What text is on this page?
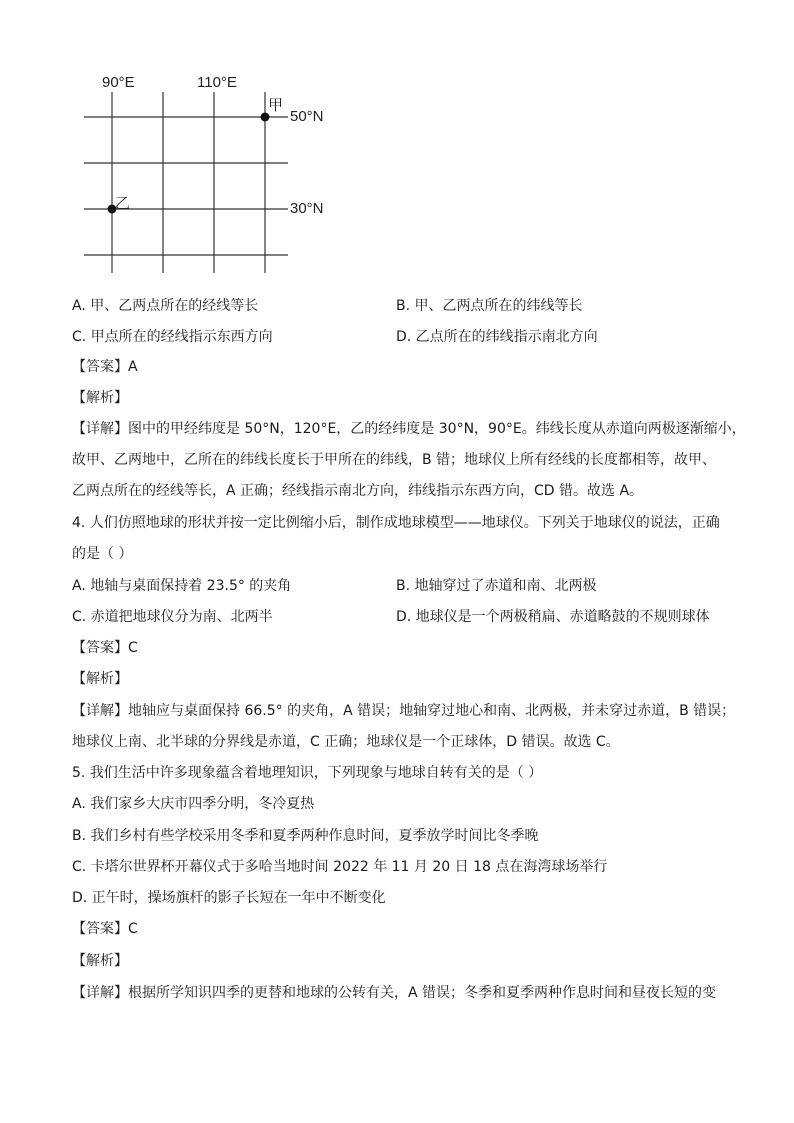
90°E	110°E
甲
50°N
乙	30°N
A. 甲、乙两点所在的经线等长	B. 甲、乙两点所在的纬线等长
C. 甲点所在的经线指示东西方向	D. 乙点所在的纬线指示南北方向
【答案】A
【解析】
【详解】图中的甲经纬度是 50°N，120°E，乙的经纬度是 30°N，90°E。纬线长度从赤道向两极逐渐缩小，
故甲、乙两地中，乙所在的纬线长度长于甲所在的纬线，B 错；地球仪上所有经线的长度都相等，故甲、
乙两点所在的经线等长，A 正确；经线指示南北方向，纬线指示东西方向，CD 错。故选 A。
4. 人们仿照地球的形状并按一定比例缩小后，制作成地球模型——地球仪。下列关于地球仪的说法，正确
的是（ ）
A. 地轴与桌面保持着 23.5° 的夹角	B. 地轴穿过了赤道和南、北两极
C. 赤道把地球仪分为南、北两半	D. 地球仪是一个两极稍扁、赤道略鼓的不规则球体
【答案】C
【解析】
【详解】地轴应与桌面保持 66.5° 的夹角，A 错误；地轴穿过地心和南、北两极，并未穿过赤道，B 错误；
地球仪上南、北半球的分界线是赤道，C 正确；地球仪是一个正球体，D 错误。故选 C。
5. 我们生活中许多现象蕴含着地理知识，下列现象与地球自转有关的是（ ）
A. 我们家乡大庆市四季分明，冬冷夏热
B. 我们乡村有些学校采用冬季和夏季两种作息时间，夏季放学时间比冬季晚
C. 卡塔尔世界杯开幕仪式于多哈当地时间 2022 年 11 月 20 日 18 点在海湾球场举行
D. 正午时，操场旗杆的影子长短在一年中不断变化
【答案】C
【解析】
【详解】根据所学知识四季的更替和地球的公转有关，A 错误；冬季和夏季两种作息时间和昼夜长短的变
